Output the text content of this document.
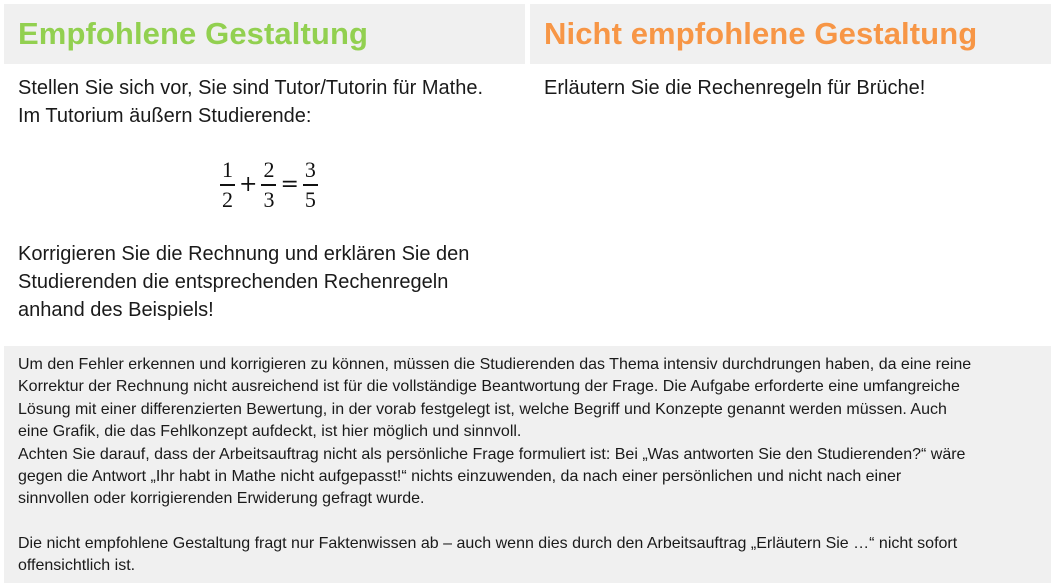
Empfohlene Gestaltung

Stellen Sie sich vor, Sie sind Tutor/Tutorin für Mathe.

Im Tutorium äußern Studierende:

$\frac{1}{2} + \frac{2}{3} = \frac{3}{5}$

Korrigieren Sie die Rechnung und erklären Sie den

Studierenden die entsprechenden Rechenregeln

anhand des Beispiels!

Nicht empfohlene Gestaltung

Erläutern Sie die Rechenregeln für Brüche!

Um den Fehler erkennen und korrigieren zu können, müssen die Studierenden das Thema intensiv durchdrungen haben, da eine reine

Korrektur der Rechnung nicht ausreichend ist für die vollständige Beantwortung der Frage. Die Aufgabe erforderte eine umfangreiche

Lösung mit einer differenzierten Bewertung, in der vorab festgelegt ist, welche Begriff und Konzepte genannt werden müssen. Auch

eine Grafik, die das Fehlkonzept aufdeckt, ist hier möglich und sinnvoll.

Achten Sie darauf, dass der Arbeitsauftrag nicht als persönliche Frage formuliert ist: Bei „Was antworten Sie den Studierenden?“ wäre

gegen die Antwort „Ihr habt in Mathe nicht aufgepasst!“ nichts einzuwenden, da nach einer persönlichen und nicht nach einer

sinnvollen oder korrigierenden Erwiderung gefragt wurde.

Die nicht empfohlene Gestaltung fragt nur Faktenwissen ab – auch wenn dies durch den Arbeitsauftrag „Erläutern Sie …“ nicht sofort

offensichtlich ist.
